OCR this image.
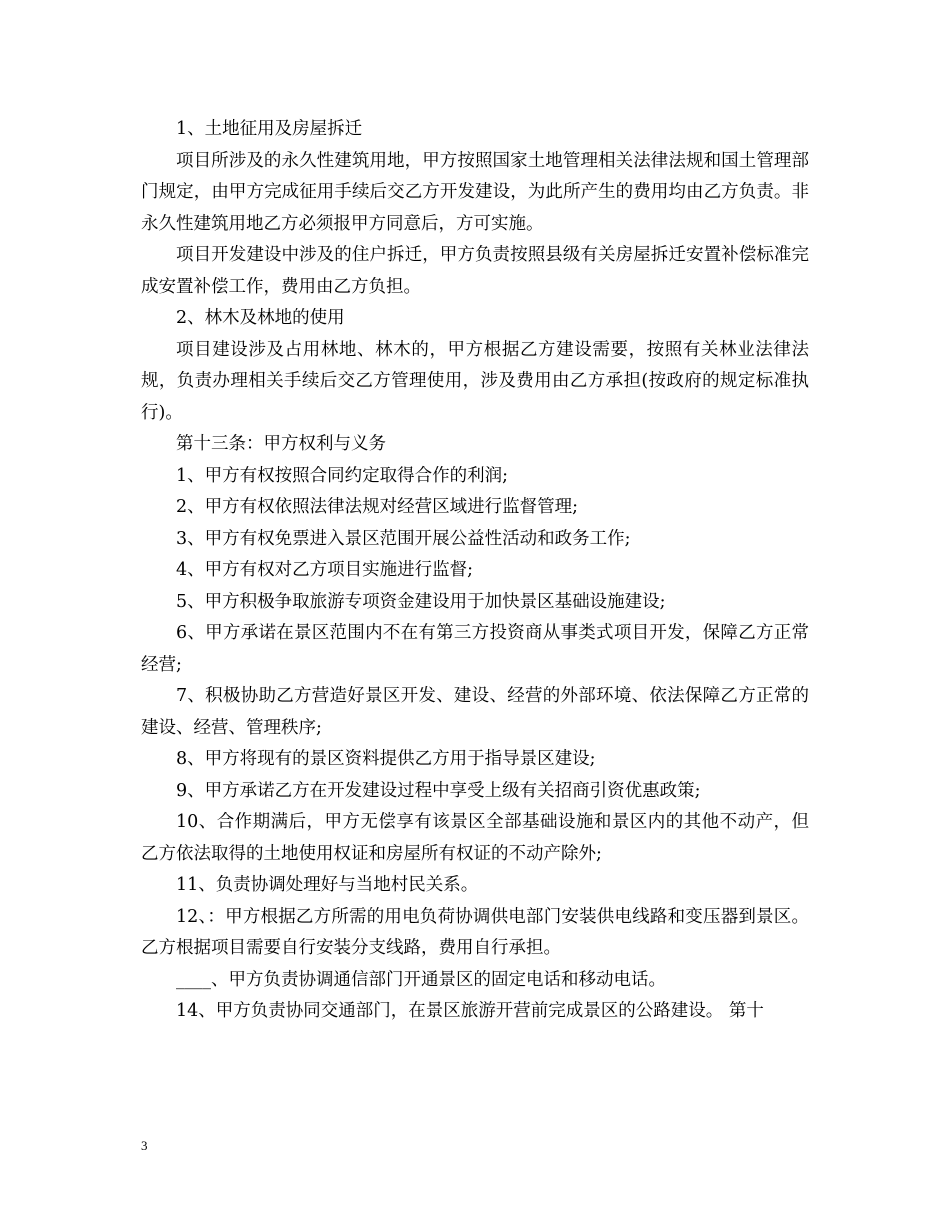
1、土地征用及房屋拆迁

项目所涉及的永久性建筑用地，甲方按照国家土地管理相关法律法规和国土管理部门规定，由甲方完成征用手续后交乙方开发建设，为此所产生的费用均由乙方负责。非永久性建筑用地乙方必须报甲方同意后，方可实施。

项目开发建设中涉及的住户拆迁，甲方负责按照县级有关房屋拆迁安置补偿标准完成安置补偿工作，费用由乙方负担。

2、林木及林地的使用

项目建设涉及占用林地、林木的，甲方根据乙方建设需要，按照有关林业法律法规，负责办理相关手续后交乙方管理使用，涉及费用由乙方承担(按政府的规定标准执行)。

第十三条：甲方权利与义务

1、甲方有权按照合同约定取得合作的利润;

2、甲方有权依照法律法规对经营区域进行监督管理;

3、甲方有权免票进入景区范围开展公益性活动和政务工作;

4、甲方有权对乙方项目实施进行监督;

5、甲方积极争取旅游专项资金建设用于加快景区基础设施建设;

6、甲方承诺在景区范围内不在有第三方投资商从事类式项目开发，保障乙方正常经营;

7、积极协助乙方营造好景区开发、建设、经营的外部环境、依法保障乙方正常的建设、经营、管理秩序;

8、甲方将现有的景区资料提供乙方用于指导景区建设;

9、甲方承诺乙方在开发建设过程中享受上级有关招商引资优惠政策;

10、合作期满后，甲方无偿享有该景区全部基础设施和景区内的其他不动产，但乙方依法取得的土地使用权证和房屋所有权证的不动产除外;

11、负责协调处理好与当地村民关系。

12、：甲方根据乙方所需的用电负荷协调供电部门安装供电线路和变压器到景区。乙方根据项目需要自行安装分支线路，费用自行承担。

____、甲方负责协调通信部门开通景区的固定电话和移动电话。

14、甲方负责协同交通部门，在景区旅游开营前完成景区的公路建设。 第十

3
